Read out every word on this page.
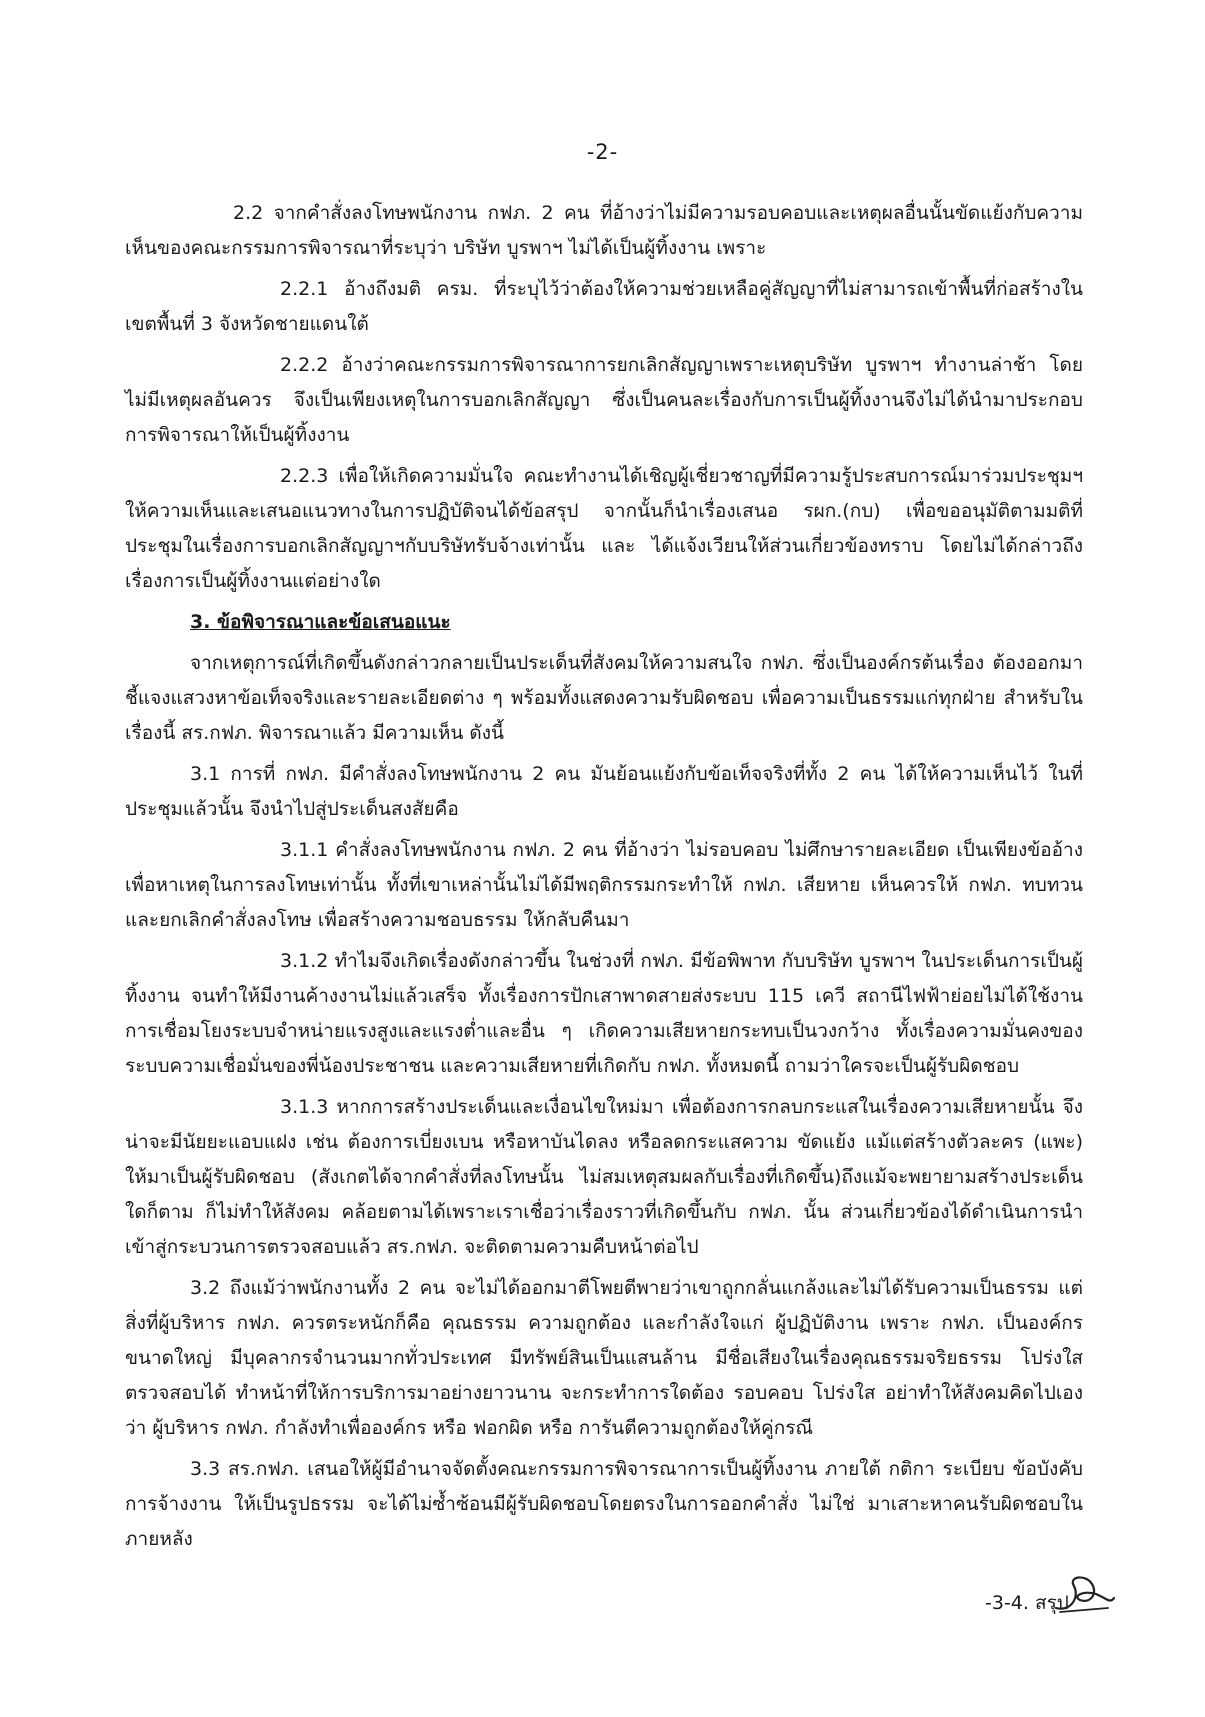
-2-

2.2 จากคำสั่งลงโทษพนักงาน กฟภ. 2 คน ที่อ้างว่าไม่มีความรอบคอบและเหตุผลอื่นนั้นขัดแย้งกับความเห็นของคณะกรรมการพิจารณาที่ระบุว่า บริษัท บูรพาฯ ไม่ได้เป็นผู้ทิ้งงาน เพราะ

2.2.1 อ้างถึงมติ ครม. ที่ระบุไว้ว่าต้องให้ความช่วยเหลือคู่สัญญาที่ไม่สามารถเข้าพื้นที่ก่อสร้างในเขตพื้นที่ 3 จังหวัดชายแดนใต้

2.2.2 อ้างว่าคณะกรรมการพิจารณาการยกเลิกสัญญาเพราะเหตุบริษัท บูรพาฯ ทำงานล่าช้า โดยไม่มีเหตุผลอันควร จึงเป็นเพียงเหตุในการบอกเลิกสัญญา ซึ่งเป็นคนละเรื่องกับการเป็นผู้ทิ้งงานจึงไม่ได้นำมาประกอบการพิจารณาให้เป็นผู้ทิ้งงาน

2.2.3 เพื่อให้เกิดความมั่นใจ คณะทำงานได้เชิญผู้เชี่ยวชาญที่มีความรู้ประสบการณ์มาร่วมประชุมฯ ให้ความเห็นและเสนอแนวทางในการปฏิบัติจนได้ข้อสรุป จากนั้นก็นำเรื่องเสนอ รผก.(กบ) เพื่อขออนุมัติตามมติที่ประชุมในเรื่องการบอกเลิกสัญญาฯกับบริษัทรับจ้างเท่านั้น และ ได้แจ้งเวียนให้ส่วนเกี่ยวข้องทราบ โดยไม่ได้กล่าวถึงเรื่องการเป็นผู้ทิ้งงานแต่อย่างใด

3. ข้อพิจารณาและข้อเสนอแนะ

จากเหตุการณ์ที่เกิดขึ้นดังกล่าวกลายเป็นประเด็นที่สังคมให้ความสนใจ กฟภ. ซึ่งเป็นองค์กรต้นเรื่อง ต้องออกมาชี้แจงแสวงหาข้อเท็จจริงและรายละเอียดต่าง ๆ พร้อมทั้งแสดงความรับผิดชอบ เพื่อความเป็นธรรมแก่ทุกฝ่าย สำหรับในเรื่องนี้ สร.กฟภ. พิจารณาแล้ว มีความเห็น ดังนี้

3.1 การที่ กฟภ. มีคำสั่งลงโทษพนักงาน 2 คน มันย้อนแย้งกับข้อเท็จจริงที่ทั้ง 2 คน ได้ให้ความเห็นไว้ ในที่ประชุมแล้วนั้น จึงนำไปสู่ประเด็นสงสัยคือ

3.1.1 คำสั่งลงโทษพนักงาน กฟภ. 2 คน ที่อ้างว่า ไม่รอบคอบ ไม่ศึกษารายละเอียด เป็นเพียงข้ออ้าง เพื่อหาเหตุในการลงโทษเท่านั้น ทั้งที่เขาเหล่านั้นไม่ได้มีพฤติกรรมกระทำให้ กฟภ. เสียหาย เห็นควรให้ กฟภ. ทบทวนและยกเลิกคำสั่งลงโทษ เพื่อสร้างความชอบธรรม ให้กลับคืนมา

3.1.2 ทำไมจึงเกิดเรื่องดังกล่าวขึ้น ในช่วงที่ กฟภ. มีข้อพิพาท กับบริษัท บูรพาฯ ในประเด็นการเป็นผู้ทิ้งงาน จนทำให้มีงานค้างงานไม่แล้วเสร็จ ทั้งเรื่องการปักเสาพาดสายส่งระบบ 115 เควี สถานีไฟฟ้าย่อยไม่ได้ใช้งาน การเชื่อมโยงระบบจำหน่ายแรงสูงและแรงต่ำและอื่น ๆ เกิดความเสียหายกระทบเป็นวงกว้าง ทั้งเรื่องความมั่นคงของระบบความเชื่อมั่นของพี่น้องประชาชน และความเสียหายที่เกิดกับ กฟภ. ทั้งหมดนี้ ถามว่าใครจะเป็นผู้รับผิดชอบ

3.1.3 หากการสร้างประเด็นและเงื่อนไขใหม่มา เพื่อต้องการกลบกระแสในเรื่องความเสียหายนั้น จึงน่าจะมีนัยยะแอบแฝง เช่น ต้องการเบี่ยงเบน หรือหาบันไดลง หรือลดกระแสความ ขัดแย้ง แม้แต่สร้างตัวละคร (แพะ) ให้มาเป็นผู้รับผิดชอบ (สังเกตได้จากคำสั่งที่ลงโทษนั้น ไม่สมเหตุสมผลกับเรื่องที่เกิดขึ้น)ถึงแม้จะพยายามสร้างประเด็นใดก็ตาม ก็ไม่ทำให้สังคม คล้อยตามได้เพราะเราเชื่อว่าเรื่องราวที่เกิดขึ้นกับ กฟภ. นั้น ส่วนเกี่ยวข้องได้ดำเนินการนำเข้าสู่กระบวนการตรวจสอบแล้ว สร.กฟภ. จะติดตามความคืบหน้าต่อไป

3.2 ถึงแม้ว่าพนักงานทั้ง 2 คน จะไม่ได้ออกมาตีโพยตีพายว่าเขาถูกกลั่นแกล้งและไม่ได้รับความเป็นธรรม แต่สิ่งที่ผู้บริหาร กฟภ. ควรตระหนักก็คือ คุณธรรม ความถูกต้อง และกำลังใจแก่ ผู้ปฏิบัติงาน เพราะ กฟภ. เป็นองค์กรขนาดใหญ่ มีบุคลากรจำนวนมากทั่วประเทศ มีทรัพย์สินเป็นแสนล้าน มีชื่อเสียงในเรื่องคุณธรรมจริยธรรม โปร่งใส ตรวจสอบได้ ทำหน้าที่ให้การบริการมาอย่างยาวนาน จะกระทำการใดต้อง รอบคอบ โปร่งใส อย่าทำให้สังคมคิดไปเองว่า ผู้บริหาร กฟภ. กำลังทำเพื่อองค์กร หรือ ฟอกผิด หรือ การันตีความถูกต้องให้คู่กรณี

3.3 สร.กฟภ. เสนอให้ผู้มีอำนาจจัดตั้งคณะกรรมการพิจารณาการเป็นผู้ทิ้งงาน ภายใต้ กติกา ระเบียบ ข้อบังคับ การจ้างงาน ให้เป็นรูปธรรม จะได้ไม่ซ้ำซ้อนมีผู้รับผิดชอบโดยตรงในการออกคำสั่ง ไม่ใช่ มาเสาะหาคนรับผิดชอบในภายหลัง

-3-4. สรุป
